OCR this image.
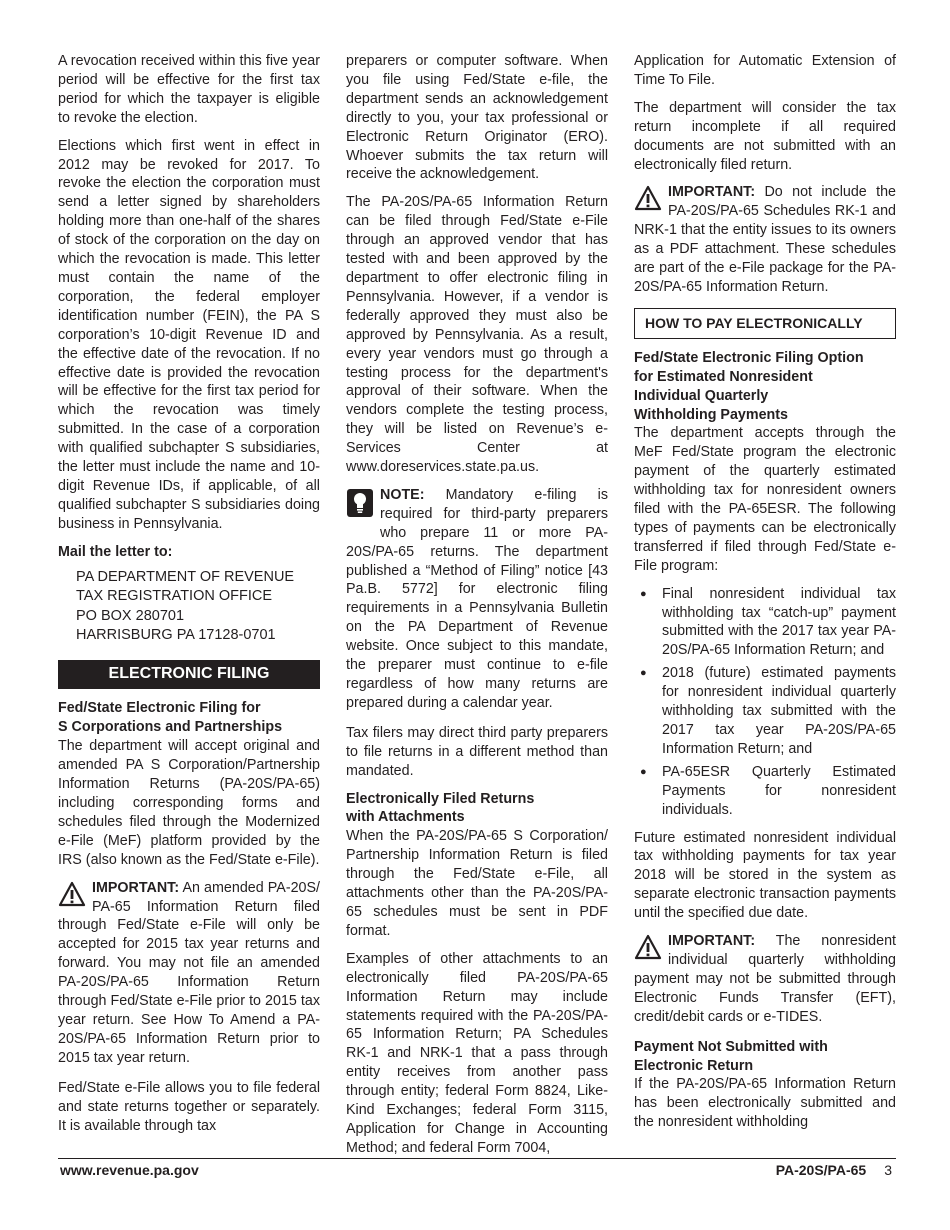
A revocation received within this five year period will be effective for the first tax period for which the taxpayer is eligible to revoke the election.

Elections which first went in effect in 2012 may be revoked for 2017. To revoke the election the corporation must send a letter signed by shareholders holding more than one-half of the shares of stock of the corporation on the day on which the revocation is made. This letter must contain the name of the corporation, the federal employer identification number (FEIN), the PA S corporation’s 10-digit Revenue ID and the effective date of the revocation. If no effective date is provided the revocation will be effective for the first tax period for which the revocation was timely submitted. In the case of a corporation with qualified subchapter S subsidiaries, the letter must include the name and 10-digit Revenue IDs, if applicable, of all qualified subchapter S subsidiaries doing business in Pennsylvania.

Mail the letter to:

PA DEPARTMENT OF REVENUE
TAX REGISTRATION OFFICE
PO BOX 280701
HARRISBURG PA 17128-0701
ELECTRONIC FILING
Fed/State Electronic Filing for
S Corporations and Partnerships

The department will accept original and amended PA S Corporation/Partnership Information Returns (PA-20S/PA-65) including corresponding forms and schedules filed through the Modernized e-File (MeF) platform provided by the IRS (also known as the Fed/State e-File).

IMPORTANT: An amended PA-20S/ PA-65 Information Return filed through Fed/State e-File will only be accepted for 2015 tax year returns and forward. You may not file an amended PA-20S/PA-65 Information Return through Fed/State e-File prior to 2015 tax year return. See How To Amend a PA-20S/PA-65 Information Return prior to 2015 tax year return.

Fed/State e-File allows you to file federal and state returns together or separately. It is available through tax

preparers or computer software. When you file using Fed/State e-file, the department sends an acknowledgement directly to you, your tax professional or Electronic Return Originator (ERO). Whoever submits the tax return will receive the acknowledgement.

The PA-20S/PA-65 Information Return can be filed through Fed/State e-File through an approved vendor that has tested with and been approved by the department to offer electronic filing in Pennsylvania. However, if a vendor is federally approved they must also be approved by Pennsylvania. As a result, every year vendors must go through a testing process for the department's approval of their software. When the vendors complete the testing process, they will be listed on Revenue’s e-Services Center at www.doreservices.state.pa.us.

NOTE: Mandatory e-filing is required for third-party preparers who prepare 11 or more PA-20S/PA-65 returns. The department published a “Method of Filing” notice [43 Pa.B. 5772] for electronic filing requirements in a Pennsylvania Bulletin on the PA Department of Revenue website. Once subject to this mandate, the preparer must continue to e-file regardless of how many returns are prepared during a calendar year.

Tax filers may direct third party preparers to file returns in a different method than mandated.

Electronically Filed Returns
with Attachments

When the PA-20S/PA-65 S Corporation/ Partnership Information Return is filed through the Fed/State e-File, all attachments other than the PA-20S/PA-65 schedules must be sent in PDF format.

Examples of other attachments to an electronically filed PA-20S/PA-65 Information Return may include statements required with the PA-20S/PA-65 Information Return; PA Schedules RK-1 and NRK-1 that a pass through entity receives from another pass through entity; federal Form 8824, Like-Kind Exchanges; federal Form 3115, Application for Change in Accounting Method; and federal Form 7004,

Application for Automatic Extension of Time To File.

The department will consider the tax return incomplete if all required documents are not submitted with an electronically filed return.

IMPORTANT: Do not include the PA-20S/PA-65 Schedules RK-1 and NRK-1 that the entity issues to its owners as a PDF attachment. These schedules are part of the e-File package for the PA-20S/PA-65 Information Return.

HOW TO PAY ELECTRONICALLY
Fed/State Electronic Filing Option
for Estimated Nonresident
Individual Quarterly
Withholding Payments

The department accepts through the MeF Fed/State program the electronic payment of the quarterly estimated withholding tax for nonresident owners filed with the PA-65ESR. The following types of payments can be electronically transferred if filed through Fed/State e-File program:

● Final nonresident individual tax withholding tax “catch-up” payment submitted with the 2017 tax year PA-20S/PA-65 Information Return; and
● 2018 (future) estimated payments for nonresident individual quarterly withholding tax submitted with the 2017 tax year PA-20S/PA-65 Information Return; and
● PA-65ESR Quarterly Estimated Payments for nonresident individuals.

Future estimated nonresident individual tax withholding payments for tax year 2018 will be stored in the system as separate electronic transaction payments until the specified due date.

IMPORTANT: The nonresident individual quarterly withholding payment may not be submitted through Electronic Funds Transfer (EFT), credit/debit cards or e-TIDES.

Payment Not Submitted with
Electronic Return

If the PA-20S/PA-65 Information Return has been electronically submitted and the nonresident withholding

www.revenue.pa.gov	PA-20S/PA-65 3
